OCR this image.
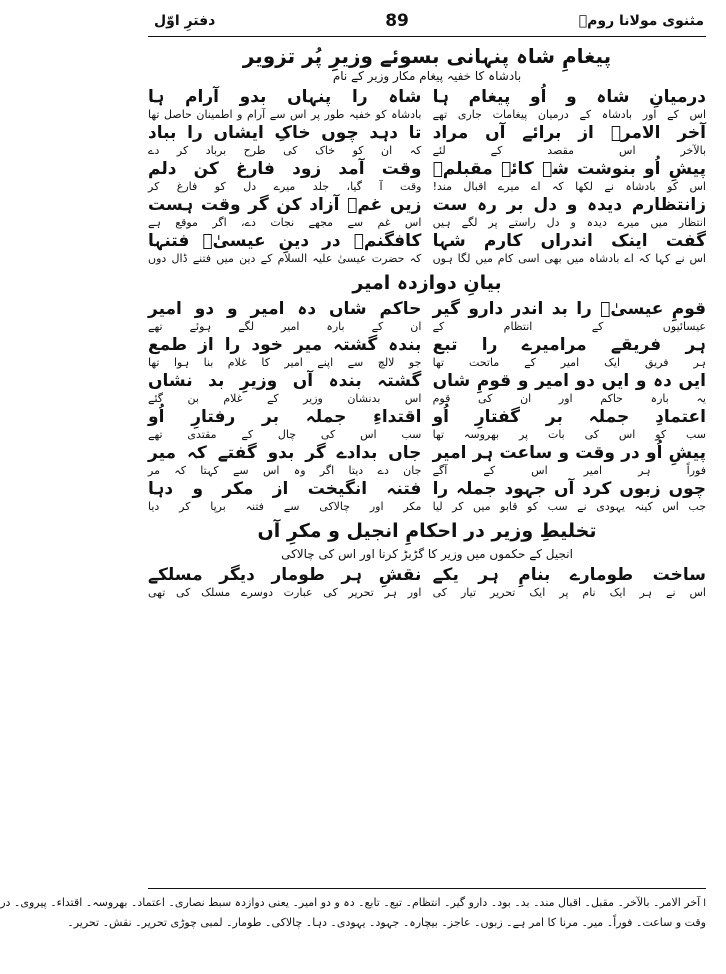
مثنوی مولانا رومؒ
89
دفترِ اوّل
پیغامِ شاہ پنہانی بسوئے وزیرِ پُر تزویر
بادشاہ کا خفیہ پیغام مکار وزیر کے نام
درمیانِ شاہ و اُو پیغام ہا
اس کے اور بادشاہ کے درمیان پیغامات جاری تھے
شاہ را پنہاں بدو آرام ہا
بادشاہ کو خفیہ طور پر اس سے آرام و اطمینان حاصل تھا
آخر الامرؔ از برائے آں مراد
بالآخر اس مقصد کے لئے
تا دہد چوں خاکِ ایشاں را بباد
کہ ان کو خاک کی طرح برباد کر دے
پیشِ اُو بنوشت شہ کائے مقبلمؔ
اس کو بادشاہ نے لکھا کہ اے میرے اقبال مند!
وقت آمد زود فارغ کن دلم
وقت آ گیا، جلد میرے دل کو فارغ کر
زانتظارم دیدہ و دل بر رہ ست
انتظار میں میرے دیدہ و دل راستے پر لگے ہیں
زیں غمؔ آزاد کن گر وقت ہست
اس غم سے مجھے نجات دے، اگر موقع ہے
گفت اینک اندراں کارم شہا
اس نے کہا کہ اے بادشاہ میں بھی اسی کام میں لگا ہوں
کافگنمؔ در دینِ عیسیٰؑ فتنہا
کہ حضرت عیسیٰ علیہ السلام کے دین میں فتنے ڈال دوں
بیانِ دوازدہ امیر
قومِ عیسیٰؑ را بد اندر دارو گیر
عیسائیوں کے انتظام کے
حاکم شاں دہ امیر و دو امیر
ان کے بارہ امیر لگے ہوئے تھے
ہر فریقے مرامیرے را تبع
ہر فریق ایک امیر کے ماتحت تھا
بندہ گشتہ میر خود را از طمع
جو لالچ سے اپنے امیر کا غلام بنا ہوا تھا
ایں دہ و ایں دو امیر و قومِ شاں
یہ بارہ حاکم اور ان کی قوم
گشتہ بندہ آں وزیرِ بد نشاں
اس بدنشان وزیر کے غلام بن گئے
اعتمادِ جملہ بر گفتارِ اُو
سب کو اس کی بات پر بھروسہ تھا
اقتداءِ جملہ بر رفتارِ اُو
سب اس کی چال کے مقتدی تھے
پیشِ اُو در وقت و ساعت ہر امیر
فوراً ہر امیر اس کے آگے
جاں بدادے گر بدو گفتے کہ میر
جان دے دیتا اگر وہ اس سے کہتا کہ مر
چوں زبوں کرد آں جہود جملہ را
جب اس کینہ یہودی نے سب کو قابو میں کر لیا
فتنہ انگیخت از مکر و دہا
مکر اور چالاکی سے فتنہ برپا کر دیا
تخلیطِ وزیر در احکامِ انجیل و مکرِ آں
انجیل کے حکموں میں وزیر کا گڑبڑ کرنا اور اس کی چالاکی
ساخت طومارے بنامِ ہر یکے
اس نے ہر ایک نام پر ایک تحریر تیار کی
نقشِ ہر طومار دیگر مسلکے
اور ہر تحریر کی عبارت دوسرے مسلک کی تھی
اآخر الامر۔ بالآخر۔ مقبل۔ اقبال مند۔ بد۔ بود۔ دارو گیر۔ انتظام۔ تبع۔ تابع۔ دہ و دو امیر۔ یعنی دوازدہ سبط نصاری۔ اعتماد۔ بھروسہ۔ اقتداء۔ پیروی۔ در
وقت و ساعت۔ فوراً۔ میر۔ مرنا کا امر ہے۔ زبوں۔ عاجز۔ بیچارہ۔ جہود۔ یہودی۔ دہا۔ چالاکی۔ طومار۔ لمبی چوڑی تحریر۔ نقش۔ تحریر۔
